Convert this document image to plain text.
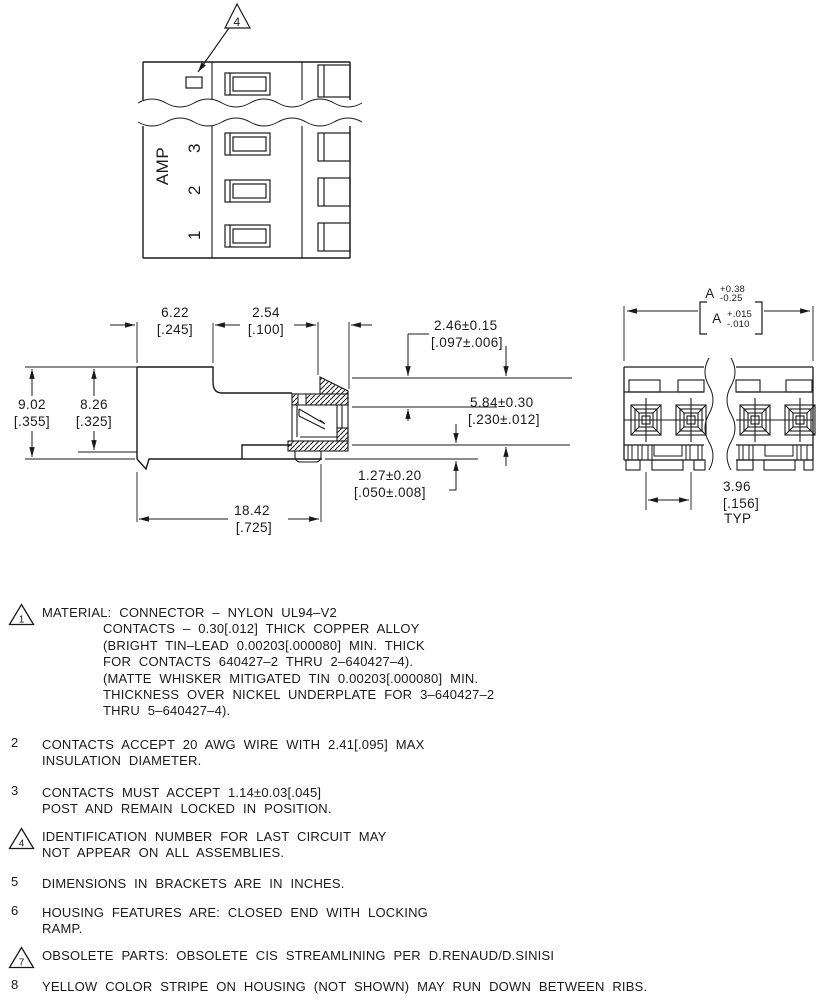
4
AMP 3
2
1
6.22
[.245]
2.54
[.100]	2.46±0.15
[.097±.006]
9.02
[.355]
8.26
[.325]
5.84±0.30
[.230±.012]
1.27±0.20
[.050±.008]
18.42
[.725]
A +0.38
-0.25
A +.015
-.010
3.96
[.156]
TYP
1 MATERIAL: CONNECTOR – NYLON UL94–V2
CONTACTS – 0.30[.012] THICK COPPER ALLOY
(BRIGHT TIN–LEAD 0.00203[.000080] MIN. THICK
FOR CONTACTS 640427–2 THRU 2–640427–4).
(MATTE WHISKER MITIGATED TIN 0.00203[.000080] MIN.
THICKNESS OVER NICKEL UNDERPLATE FOR 3–640427–2
THRU 5–640427–4).
2 CONTACTS ACCEPT 20 AWG WIRE WITH 2.41[.095] MAX
INSULATION DIAMETER.
3 CONTACTS MUST ACCEPT 1.14±0.03[.045]
POST AND REMAIN LOCKED IN POSITION.
4 IDENTIFICATION NUMBER FOR LAST CIRCUIT MAY
NOT APPEAR ON ALL ASSEMBLIES.
5 DIMENSIONS IN BRACKETS ARE IN INCHES.
6 HOUSING FEATURES ARE: CLOSED END WITH LOCKING
RAMP.
7 OBSOLETE PARTS: OBSOLETE CIS STREAMLINING PER D.RENAUD/D.SINISI
8 YELLOW COLOR STRIPE ON HOUSING (NOT SHOWN) MAY RUN DOWN BETWEEN RIBS.
